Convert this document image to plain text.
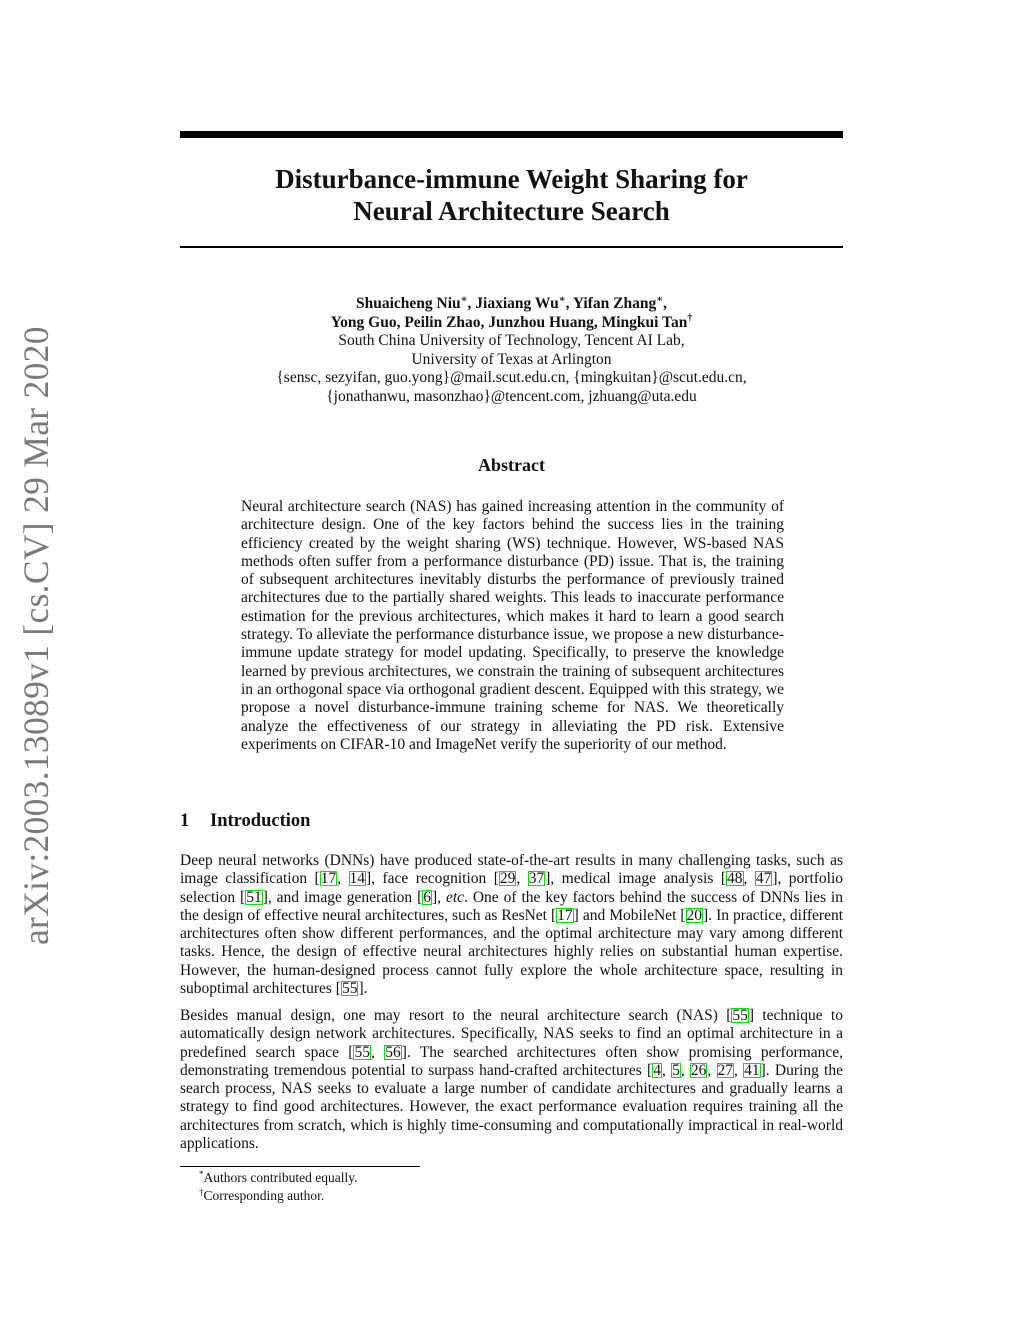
arXiv:2003.13089v1 [cs.CV] 29 Mar 2020
Disturbance-immune Weight Sharing for
Neural Architecture Search
Shuaicheng Niu∗, Jiaxiang Wu∗, Yifan Zhang∗,
Yong Guo, Peilin Zhao, Junzhou Huang, Mingkui Tan†
South China University of Technology, Tencent AI Lab,
University of Texas at Arlington
{sensc, sezyifan, guo.yong}@mail.scut.edu.cn, {mingkuitan}@scut.edu.cn,
{jonathanwu, masonzhao}@tencent.com, jzhuang@uta.edu
Abstract

Neural architecture search (NAS) has gained increasing attention in the community of architecture design. One of the key factors behind the success lies in the training efficiency created by the weight sharing (WS) technique. However, WS-based NAS methods often suffer from a performance disturbance (PD) issue. That is, the training of subsequent architectures inevitably disturbs the performance of previously trained architectures due to the partially shared weights. This leads to inaccurate performance estimation for the previous architectures, which makes it hard to learn a good search strategy. To alleviate the performance disturbance issue, we propose a new disturbance-immune update strategy for model updating. Specifically, to preserve the knowledge learned by previous architectures, we constrain the training of subsequent architectures in an orthogonal space via orthogonal gradient descent. Equipped with this strategy, we propose a novel disturbance-immune training scheme for NAS. We theoretically analyze the effectiveness of our strategy in alleviating the PD risk. Extensive experiments on CIFAR-10 and ImageNet verify the superiority of our method.

1 Introduction

Deep neural networks (DNNs) have produced state-of-the-art results in many challenging tasks, such as image classification [17, 14], face recognition [29, 37], medical image analysis [48, 47], portfolio selection [51], and image generation [6], etc. One of the key factors behind the success of DNNs lies in the design of effective neural architectures, such as ResNet [17] and MobileNet [20]. In practice, different architectures often show different performances, and the optimal architecture may vary among different tasks. Hence, the design of effective neural architectures highly relies on substantial human expertise. However, the human-designed process cannot fully explore the whole architecture space, resulting in suboptimal architectures [55].

Besides manual design, one may resort to the neural architecture search (NAS) [55] technique to automatically design network architectures. Specifically, NAS seeks to find an optimal architecture in a predefined search space [55, 56]. The searched architectures often show promising performance, demonstrating tremendous potential to surpass hand-crafted architectures [4, 5, 26, 27, 41]. During the search process, NAS seeks to evaluate a large number of candidate architectures and gradually learns a strategy to find good architectures. However, the exact performance evaluation requires training all the architectures from scratch, which is highly time-consuming and computationally impractical in real-world applications.

*Authors contributed equally.
†Corresponding author.
